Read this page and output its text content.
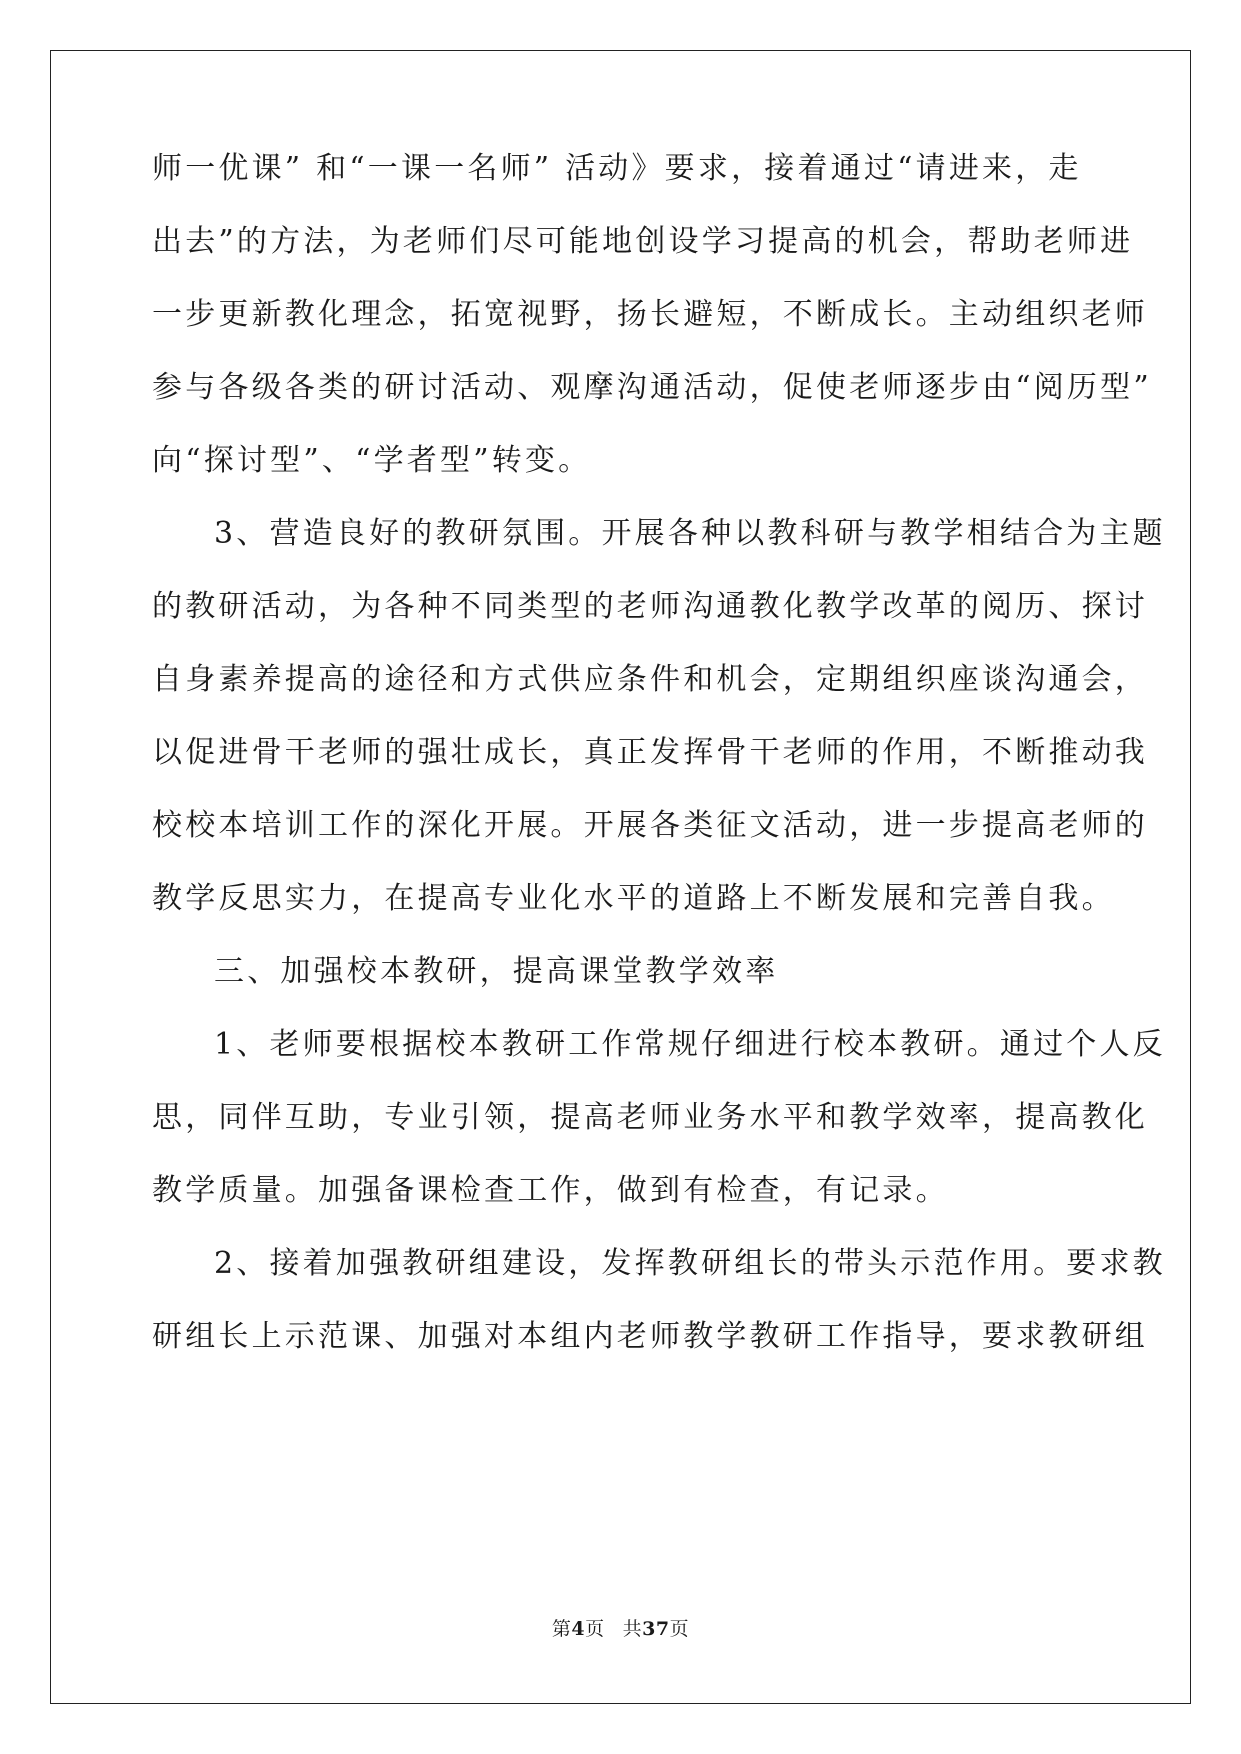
师一优课” 和“一课一名师” 活动》要求，接着通过“请进来，走
出去”的方法，为老师们尽可能地创设学习提高的机会，帮助老师进
一步更新教化理念，拓宽视野，扬长避短，不断成长。主动组织老师
参与各级各类的研讨活动、观摩沟通活动，促使老师逐步由“阅历型”
向“探讨型”、“学者型”转变。
3、营造良好的教研氛围。开展各种以教科研与教学相结合为主题
的教研活动，为各种不同类型的老师沟通教化教学改革的阅历、探讨
自身素养提高的途径和方式供应条件和机会，定期组织座谈沟通会，
以促进骨干老师的强壮成长，真正发挥骨干老师的作用，不断推动我
校校本培训工作的深化开展。开展各类征文活动，进一步提高老师的
教学反思实力，在提高专业化水平的道路上不断发展和完善自我。
三、加强校本教研，提高课堂教学效率
1、老师要根据校本教研工作常规仔细进行校本教研。通过个人反
思，同伴互助，专业引领，提高老师业务水平和教学效率，提高教化
教学质量。加强备课检查工作，做到有检查，有记录。
2、接着加强教研组建设，发挥教研组长的带头示范作用。要求教
研组长上示范课、加强对本组内老师教学教研工作指导，要求教研组
第4页 共37页
